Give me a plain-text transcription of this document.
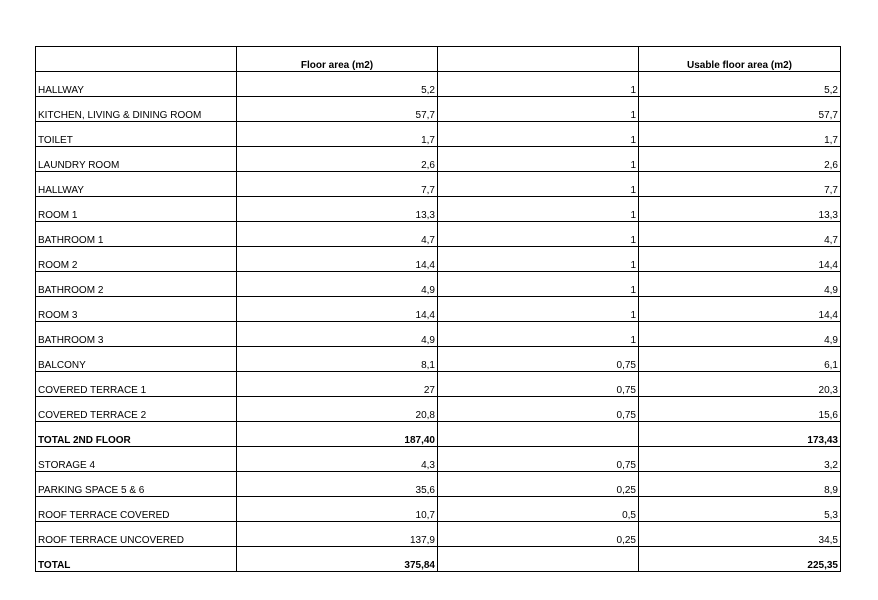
	Floor area (m2)		Usable floor area (m2)
HALLWAY	5,2	1	5,2
KITCHEN, LIVING & DINING ROOM	57,7	1	57,7
TOILET	1,7	1	1,7
LAUNDRY ROOM	2,6	1	2,6
HALLWAY	7,7	1	7,7
ROOM 1	13,3	1	13,3
BATHROOM 1	4,7	1	4,7
ROOM 2	14,4	1	14,4
BATHROOM 2	4,9	1	4,9
ROOM 3	14,4	1	14,4
BATHROOM 3	4,9	1	4,9
BALCONY	8,1	0,75	6,1
COVERED TERRACE 1	27	0,75	20,3
COVERED TERRACE 2	20,8	0,75	15,6
TOTAL 2ND FLOOR	187,40		173,43
STORAGE 4	4,3	0,75	3,2
PARKING SPACE 5 & 6	35,6	0,25	8,9
ROOF TERRACE COVERED	10,7	0,5	5,3
ROOF TERRACE UNCOVERED	137,9	0,25	34,5
TOTAL	375,84		225,35
